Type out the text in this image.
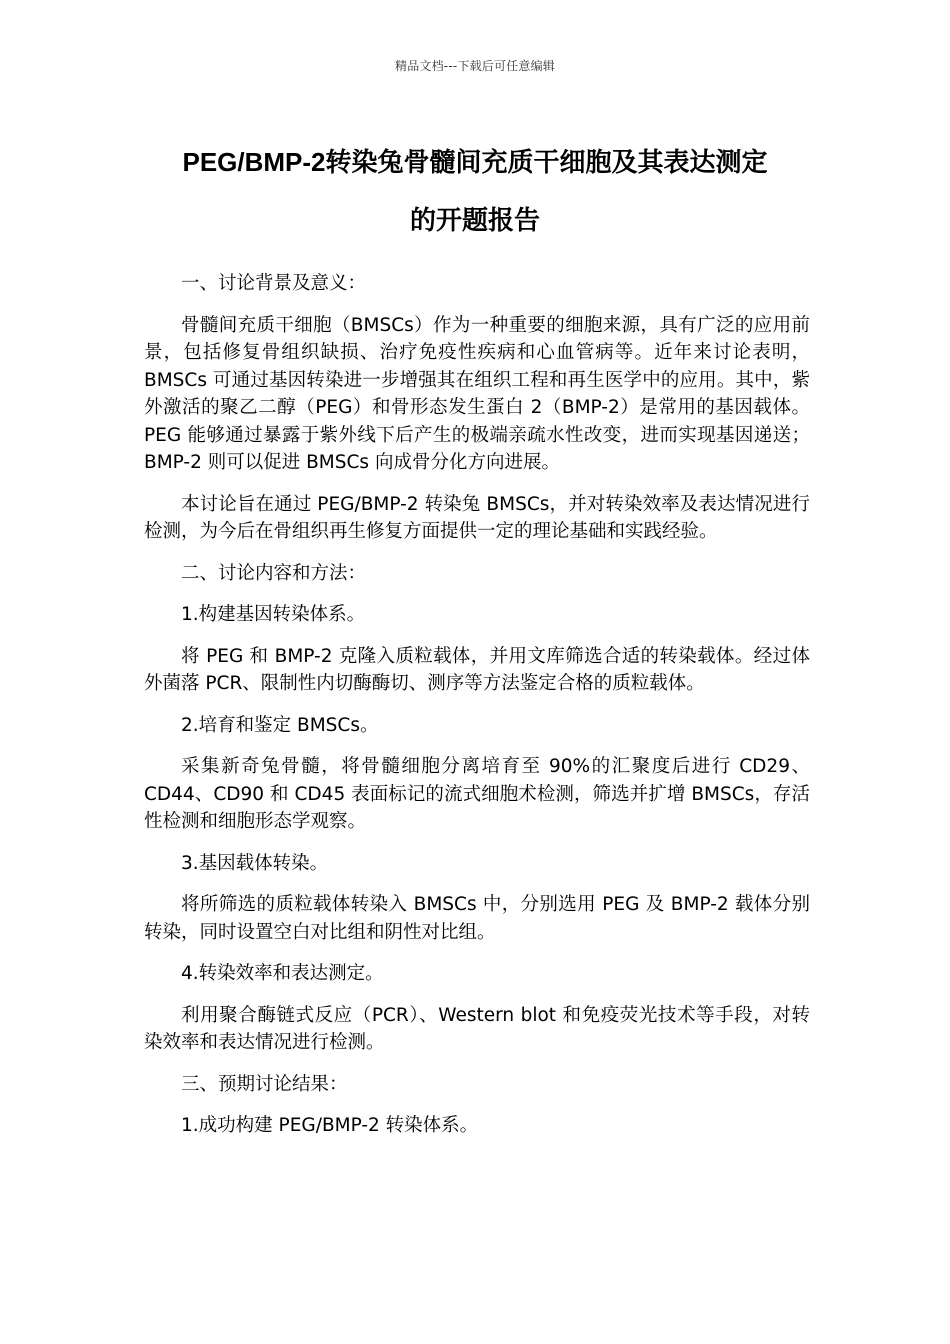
精品文档---下载后可任意编辑
PEG/BMP-2转染兔骨髓间充质干细胞及其表达测定
的开题报告

一、讨论背景及意义：

骨髓间充质干细胞（BMSCs）作为一种重要的细胞来源，具有广泛的应用前景，包括修复骨组织缺损、治疗免疫性疾病和心血管病等。近年来讨论表明，BMSCs 可通过基因转染进一步增强其在组织工程和再生医学中的应用。其中，紫外激活的聚乙二醇（PEG）和骨形态发生蛋白 2（BMP-2）是常用的基因载体。PEG 能够通过暴露于紫外线下后产生的极端亲疏水性改变，进而实现基因递送；BMP-2 则可以促进 BMSCs 向成骨分化方向进展。

本讨论旨在通过 PEG/BMP-2 转染兔 BMSCs，并对转染效率及表达情况进行检测，为今后在骨组织再生修复方面提供一定的理论基础和实践经验。

二、讨论内容和方法：

1.构建基因转染体系。

将 PEG 和 BMP-2 克隆入质粒载体，并用文库筛选合适的转染载体。经过体外菌落 PCR、限制性内切酶酶切、测序等方法鉴定合格的质粒载体。

2.培育和鉴定 BMSCs。

采集新奇兔骨髓，将骨髓细胞分离培育至 90%的汇聚度后进行 CD29、CD44、CD90 和 CD45 表面标记的流式细胞术检测，筛选并扩增 BMSCs，存活性检测和细胞形态学观察。

3.基因载体转染。

将所筛选的质粒载体转染入 BMSCs 中，分别选用 PEG 及 BMP-2 载体分别转染，同时设置空白对比组和阴性对比组。

4.转染效率和表达测定。

利用聚合酶链式反应（PCR）、Western blot 和免疫荧光技术等手段，对转染效率和表达情况进行检测。

三、预期讨论结果：

1.成功构建 PEG/BMP-2 转染体系。
